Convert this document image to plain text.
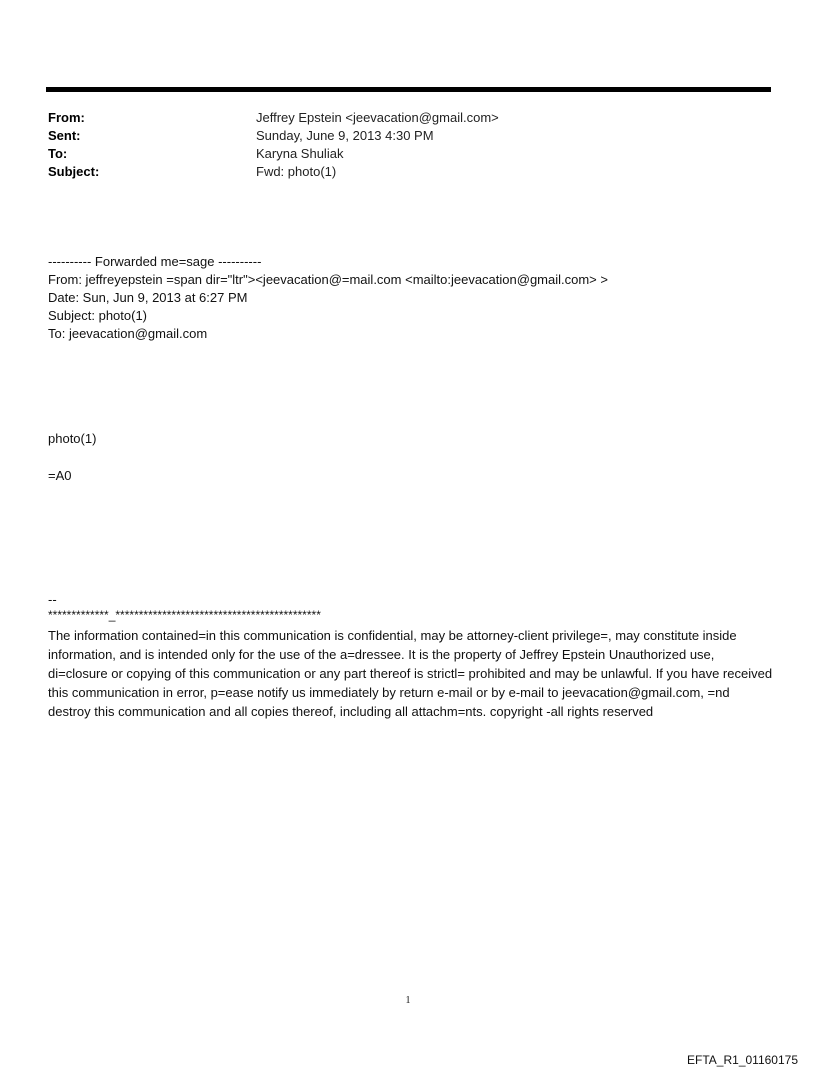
From:	Jeffrey Epstein <jeevacation@gmail.com>
Sent:	Sunday, June 9, 2013 4:30 PM
To:	Karyna Shuliak
Subject:	Fwd: photo(1)
---------- Forwarded me=sage ----------
From: jeffreyepstein =span dir="ltr"><jeevacation@=mail.com <mailto:jeevacation@gmail.com> >
Date: Sun, Jun 9, 2013 at 6:27 PM
Subject: photo(1)
To: jeevacation@gmail.com
photo(1)
=A0
--
*************_********************************************
The information contained=in this communication is confidential, may be attorney-client privilege=, may constitute inside information, and is intended only for the use of the a=dressee. It is the property of Jeffrey Epstein Unauthorized use, di=closure or copying of this communication or any part thereof is strictl= prohibited and may be unlawful. If you have received this communication in error, p=ease notify us immediately by return e-mail or by e-mail to jeevacation@gmail.com, =nd destroy this communication and all copies thereof, including all attachm=nts. copyright -all rights reserved
1
EFTA_R1_01160175
